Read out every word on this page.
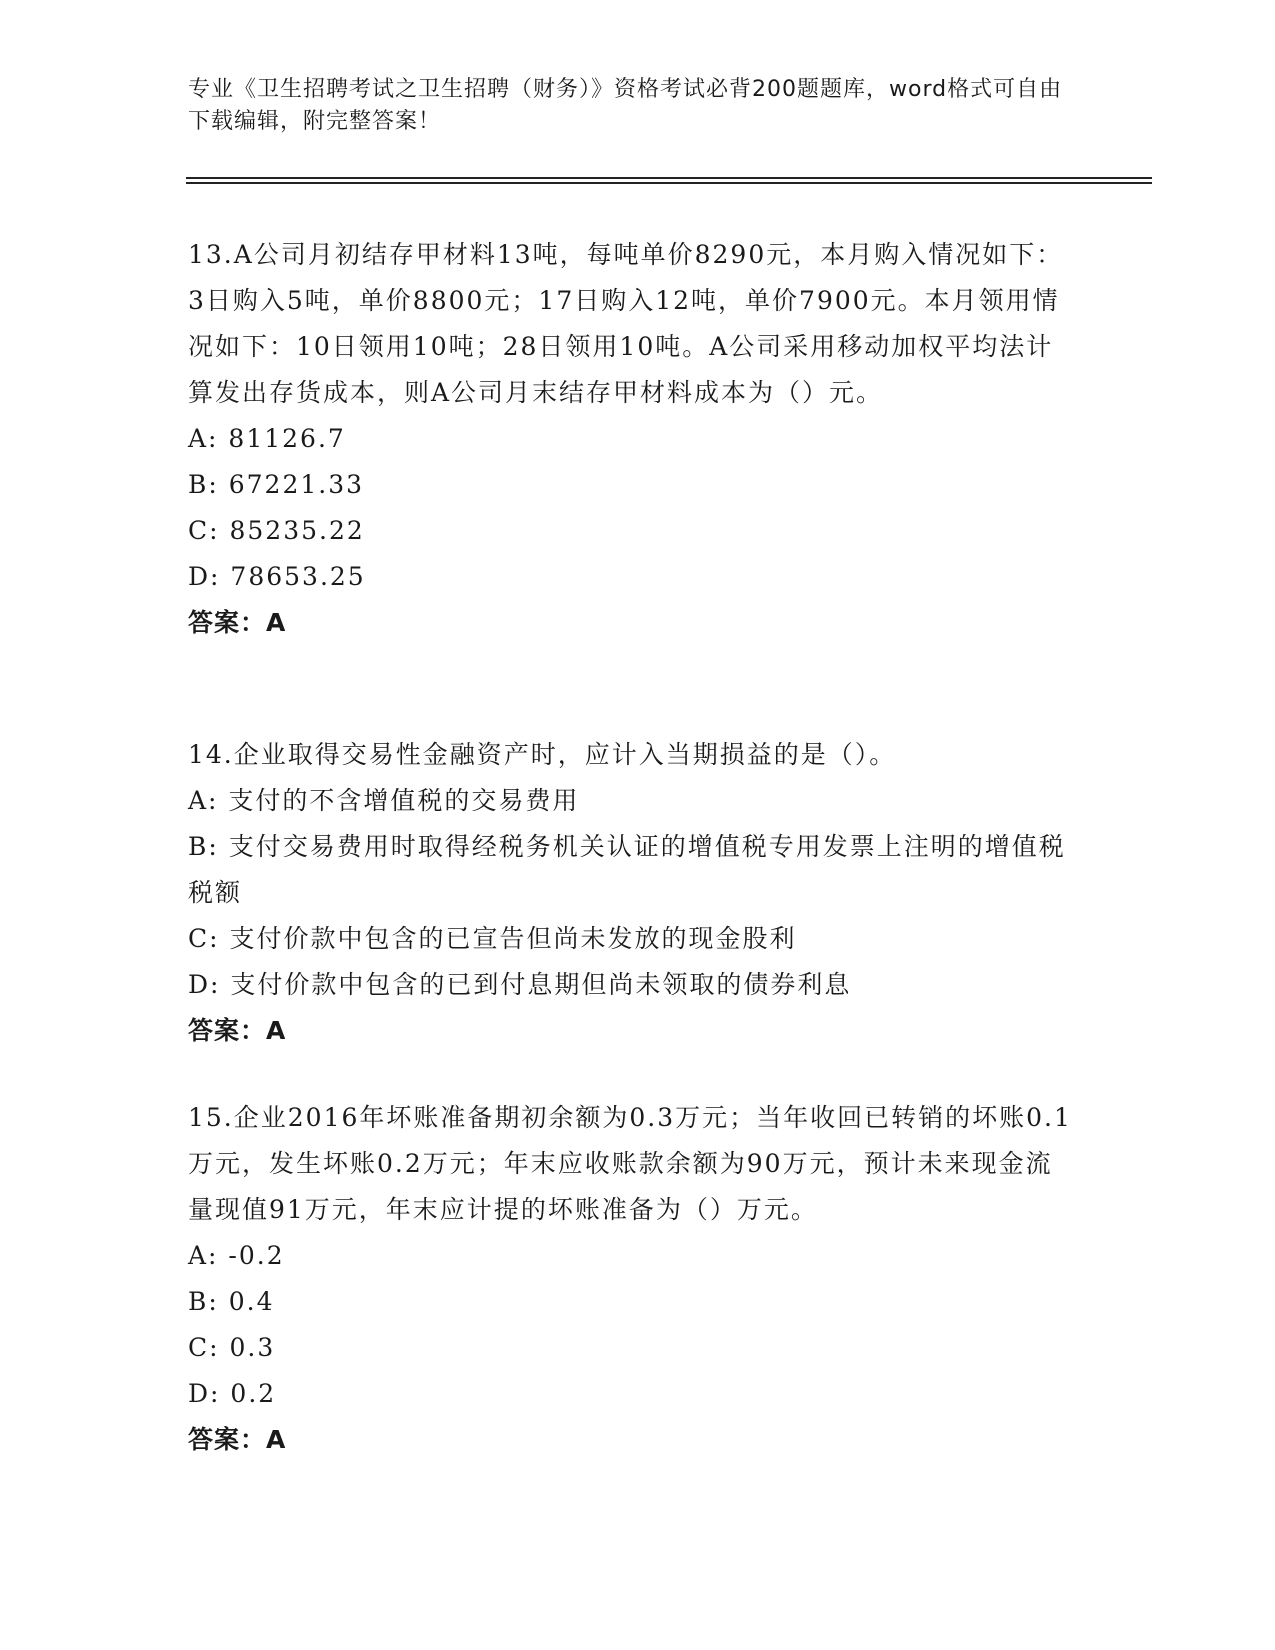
专业《卫生招聘考试之卫生招聘（财务）》资格考试必背200题题库，word格式可自由下载编辑，附完整答案！

13.A公司月初结存甲材料13吨，每吨单价8290元，本月购入情况如下：3日购入5吨，单价8800元；17日购入12吨，单价7900元。本月领用情况如下：10日领用10吨；28日领用10吨。A公司采用移动加权平均法计算发出存货成本，则A公司月末结存甲材料成本为（）元。

A: 81126.7

B: 67221.33

C: 85235.22

D: 78653.25

答案：A

14.企业取得交易性金融资产时，应计入当期损益的是（）。

A: 支付的不含增值税的交易费用

B: 支付交易费用时取得经税务机关认证的增值税专用发票上注明的增值税税额

C: 支付价款中包含的已宣告但尚未发放的现金股利

D: 支付价款中包含的已到付息期但尚未领取的债券利息

答案：A

15.企业2016年坏账准备期初余额为0.3万元；当年收回已转销的坏账0.1万元，发生坏账0.2万元；年末应收账款余额为90万元，预计未来现金流量现值91万元，年末应计提的坏账准备为（）万元。

A: -0.2

B: 0.4

C: 0.3

D: 0.2

答案：A
